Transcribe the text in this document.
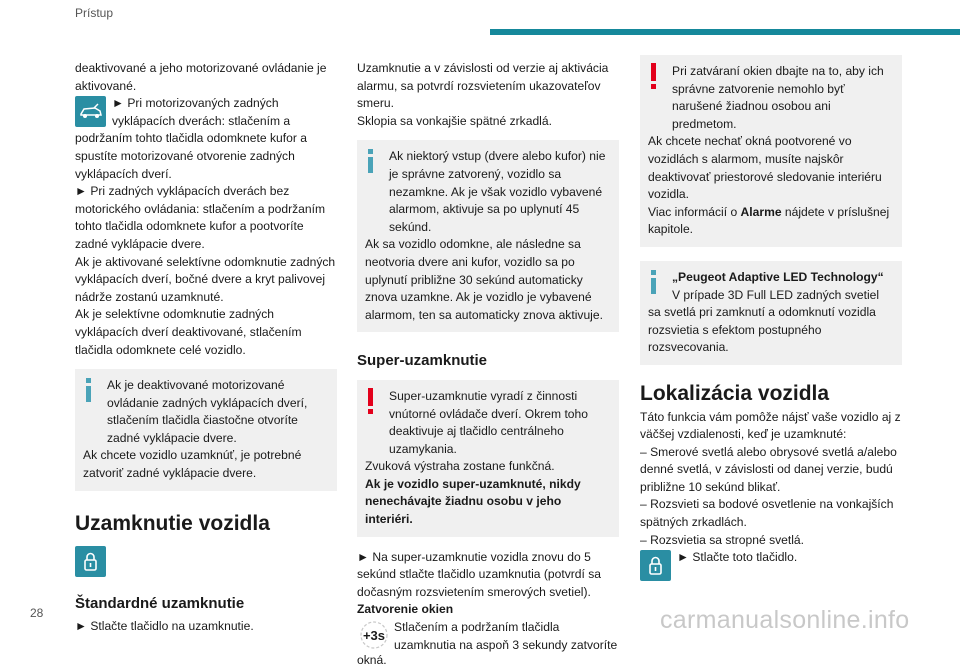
Prístup

deaktivované a jeho motorizované ovládanie je aktivované.

► Pri motorizovaných zadných vyklápacích dverách: stlačením a

podržaním tohto tlačidla odomknete kufor a spustíte motorizované otvorenie zadných vyklápacích dverí.

► Pri zadných vyklápacích dverách bez motorického ovládania: stlačením a podržaním tohto tlačidla odomknete kufor a pootvoríte zadné vyklápacie dvere.

Ak je aktivované selektívne odomknutie zadných vyklápacích dverí, bočné dvere a kryt palivovej nádrže zostanú uzamknuté.

Ak je selektívne odomknutie zadných vyklápacích dverí deaktivované, stlačením tlačidla odomknete celé vozidlo.

Ak je deaktivované motorizované

ovládanie zadných vyklápacích dverí, stlačením tlačidla čiastočne otvoríte zadné vyklápacie dvere.

Ak chcete vozidlo uzamknúť, je potrebné zatvoriť zadné vyklápacie dvere.

Uzamknutie vozidla

Štandardné uzamknutie

► Stlačte tlačidlo na uzamknutie.

Uzamknutie a v závislosti od verzie aj aktivácia alarmu, sa potvrdí rozsvietením ukazovateľov smeru.

Sklopia sa vonkajšie spätné zrkadlá.

Ak niektorý vstup (dvere alebo kufor) nie

je správne zatvorený, vozidlo sa nezamkne. Ak je však vozidlo vybavené alarmom, aktivuje sa po uplynutí 45 sekúnd.

Ak sa vozidlo odomkne, ale následne sa neotvoria dvere ani kufor, vozidlo sa po uplynutí približne 30 sekúnd automaticky znova uzamkne. Ak je vozidlo je vybavené alarmom, ten sa automaticky znova aktivuje.

Super-uzamknutie

Super-uzamknutie vyradí z činnosti

vnútorné ovládače dverí. Okrem toho deaktivuje aj tlačidlo centrálneho uzamykania.

Zvuková výstraha zostane funkčná.

Ak je vozidlo super-uzamknuté, nikdy nenechávajte žiadnu osobu v jeho interiéri.

► Na super-uzamknutie vozidla znovu do 5 sekúnd stlačte tlačidlo uzamknutia (potvrdí sa dočasným rozsvietením smerových svetiel).

Zatvorenie okien

+3s

Stlačením a podržaním tlačidla uzamknutia na aspoň 3 sekundy zatvoríte

okná.

Pri zatváraní okien dbajte na to, aby ich

správne zatvorenie nemohlo byť narušené žiadnou osobou ani predmetom.

Ak chcete nechať okná pootvorené vo vozidlách s alarmom, musíte najskôr deaktivovať priestorové sledovanie interiéru vozidla.

Viac informácií o Alarme nájdete v príslušnej kapitole.

„Peugeot Adaptive LED Technology“

V prípade 3D Full LED zadných svetiel sa svetlá pri zamknutí a odomknutí vozidla rozsvietia s efektom postupného rozsvecovania.

Lokalizácia vozidla

Táto funkcia vám pomôže nájsť vaše vozidlo aj z väčšej vzdialenosti, keď je uzamknuté:

– Smerové svetlá alebo obrysové svetlá a/alebo denné svetlá, v závislosti od danej verzie, budú približne 10 sekúnd blikať.

– Rozsvieti sa bodové osvetlenie na vonkajších spätných zrkadlách.

– Rozsvietia sa stropné svetlá.

► Stlačte toto tlačidlo.

28	carmanualsonline.info
